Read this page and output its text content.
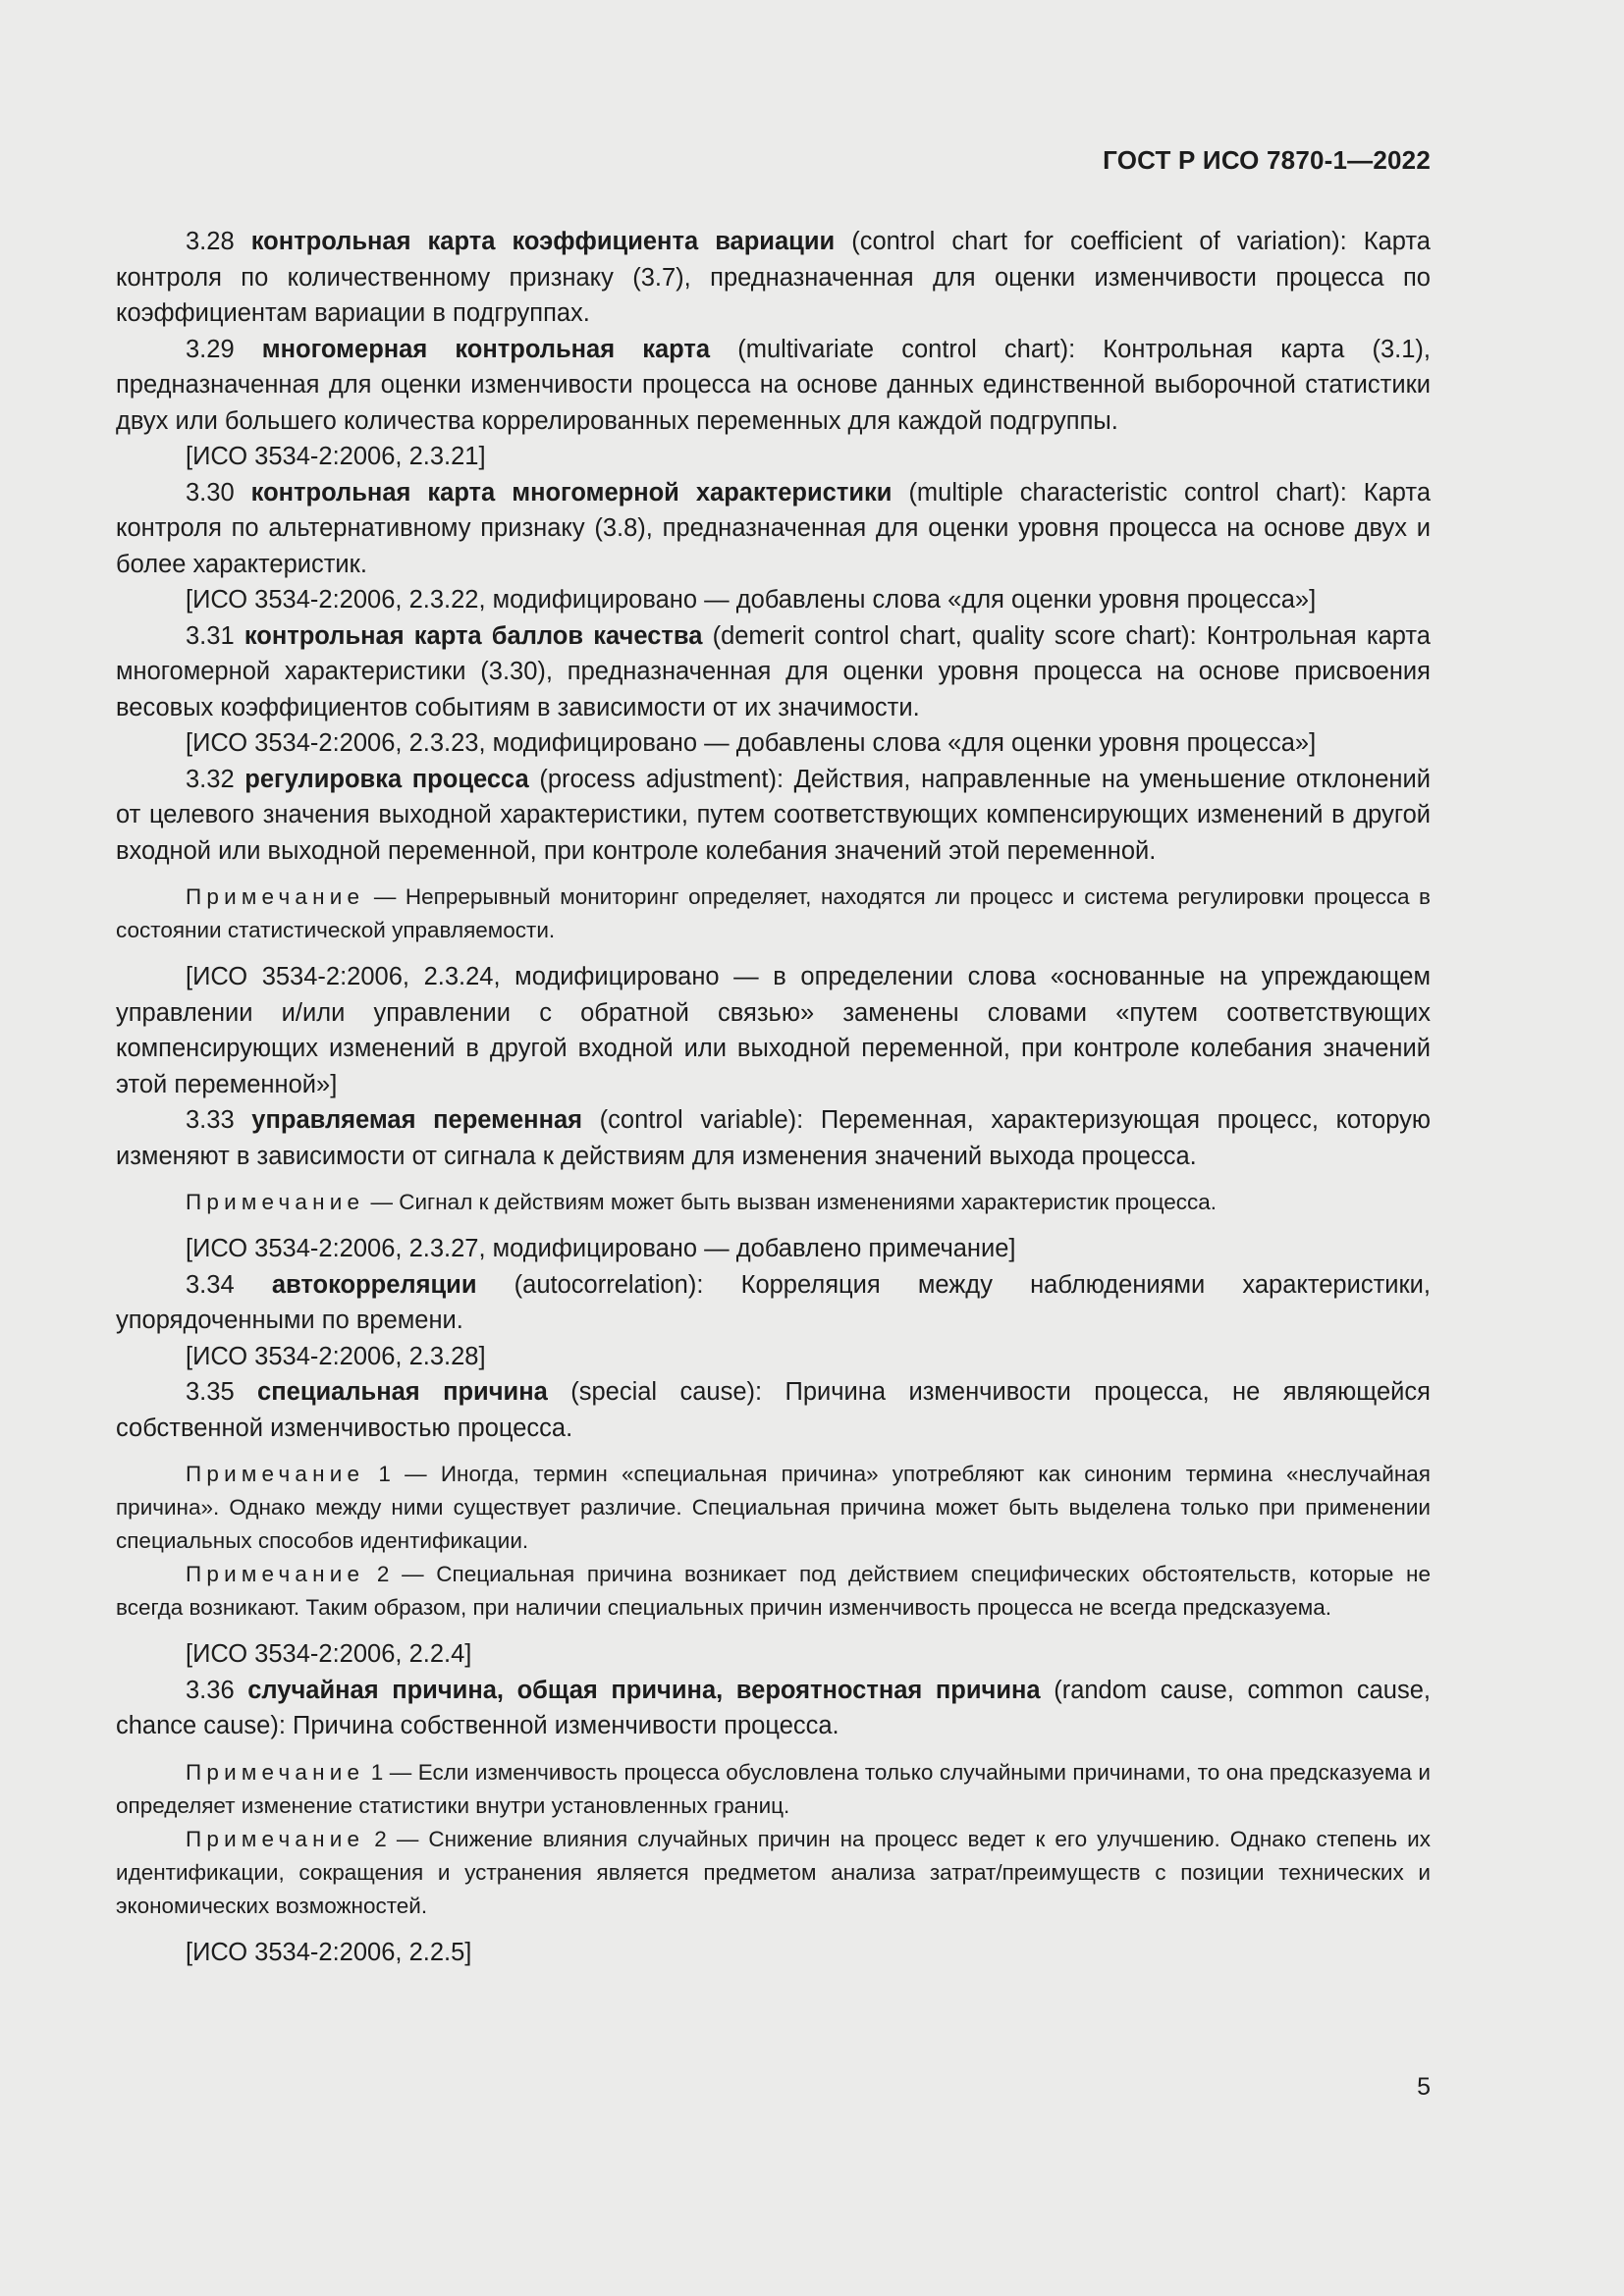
ГОСТ Р ИСО 7870-1—2022

3.28 контрольная карта коэффициента вариации (control chart for coefficient of variation): Карта контроля по количественному признаку (3.7), предназначенная для оценки изменчивости процесса по коэффициентам вариации в подгруппах.

3.29 многомерная контрольная карта (multivariate control chart): Контрольная карта (3.1), предназначенная для оценки изменчивости процесса на основе данных единственной выборочной статистики двух или большего количества коррелированных переменных для каждой подгруппы.

[ИСО 3534-2:2006, 2.3.21]

3.30 контрольная карта многомерной характеристики (multiple characteristic control chart): Карта контроля по альтернативному признаку (3.8), предназначенная для оценки уровня процесса на основе двух и более характеристик.

[ИСО 3534-2:2006, 2.3.22, модифицировано — добавлены слова «для оценки уровня процесса»]

3.31 контрольная карта баллов качества (demerit control chart, quality score chart): Контрольная карта многомерной характеристики (3.30), предназначенная для оценки уровня процесса на основе присвоения весовых коэффициентов событиям в зависимости от их значимости.

[ИСО 3534-2:2006, 2.3.23, модифицировано — добавлены слова «для оценки уровня процесса»]

3.32 регулировка процесса (process adjustment): Действия, направленные на уменьшение отклонений от целевого значения выходной характеристики, путем соответствующих компенсирующих изменений в другой входной или выходной переменной, при контроле колебания значений этой переменной.

Примечание — Непрерывный мониторинг определяет, находятся ли процесс и система регулировки процесса в состоянии статистической управляемости.

[ИСО 3534-2:2006, 2.3.24, модифицировано — в определении слова «основанные на упреждающем управлении и/или управлении с обратной связью» заменены словами «путем соответствующих компенсирующих изменений в другой входной или выходной переменной, при контроле колебания значений этой переменной»]

3.33 управляемая переменная (control variable): Переменная, характеризующая процесс, которую изменяют в зависимости от сигнала к действиям для изменения значений выхода процесса.

Примечание — Сигнал к действиям может быть вызван изменениями характеристик процесса.

[ИСО 3534-2:2006, 2.3.27, модифицировано — добавлено примечание]

3.34 автокорреляции (autocorrelation): Корреляция между наблюдениями характеристики, упорядоченными по времени.

[ИСО 3534-2:2006, 2.3.28]

3.35 специальная причина (special cause): Причина изменчивости процесса, не являющейся собственной изменчивостью процесса.

Примечание 1 — Иногда, термин «специальная причина» употребляют как синоним термина «неслучайная причина». Однако между ними существует различие. Специальная причина может быть выделена только при применении специальных способов идентификации.

Примечание 2 — Специальная причина возникает под действием специфических обстоятельств, которые не всегда возникают. Таким образом, при наличии специальных причин изменчивость процесса не всегда предсказуема.

[ИСО 3534-2:2006, 2.2.4]

3.36 случайная причина, общая причина, вероятностная причина (random cause, common cause, chance cause): Причина собственной изменчивости процесса.

Примечание 1 — Если изменчивость процесса обусловлена только случайными причинами, то она предсказуема и определяет изменение статистики внутри установленных границ.

Примечание 2 — Снижение влияния случайных причин на процесс ведет к его улучшению. Однако степень их идентификации, сокращения и устранения является предметом анализа затрат/преимуществ с позиции технических и экономических возможностей.

[ИСО 3534-2:2006, 2.2.5]

5
